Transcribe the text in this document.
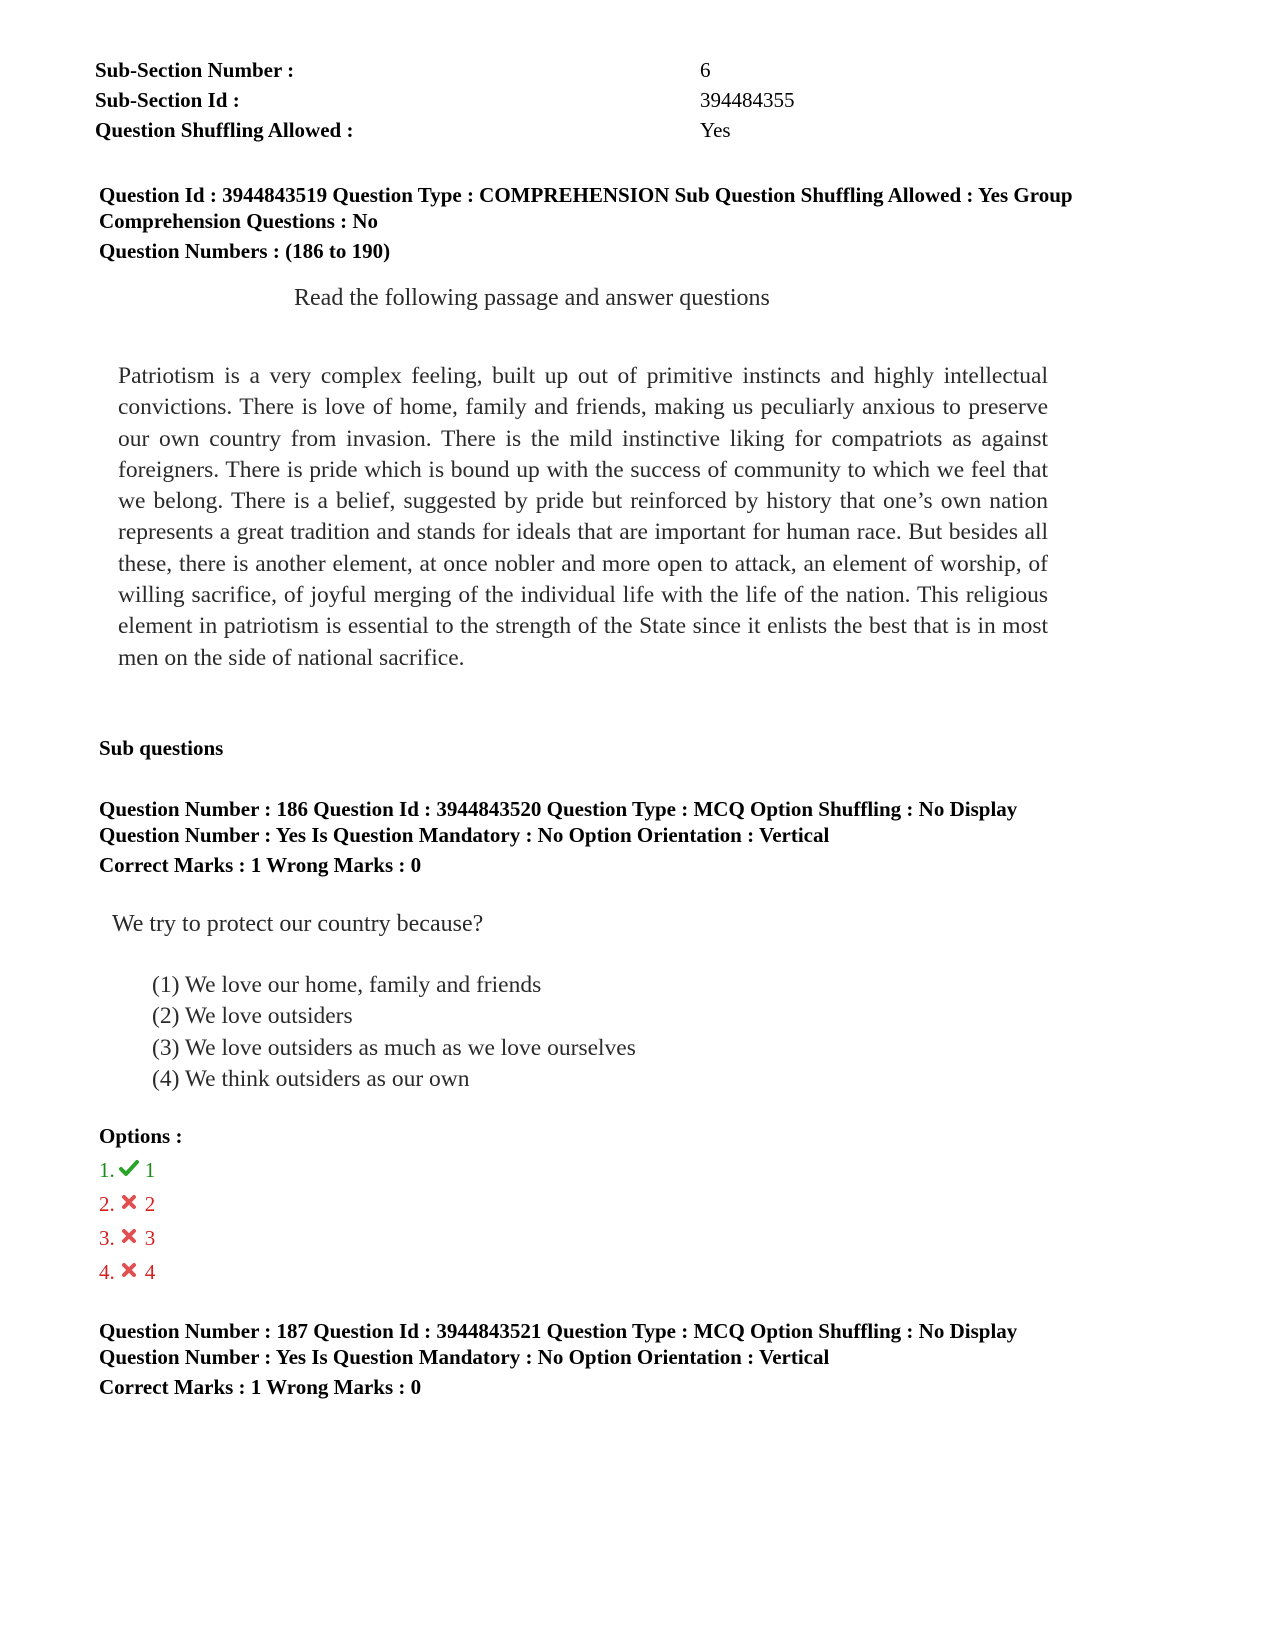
Sub-Section Number :	6
Sub-Section Id :	394484355
Question Shuffling Allowed :	Yes
Question Id : 3944843519 Question Type : COMPREHENSION Sub Question Shuffling Allowed : Yes Group
Comprehension Questions : No
Question Numbers : (186 to 190)
Read the following passage and answer questions
Patriotism is a very complex feeling, built up out of primitive instincts and highly intellectual convictions. There is love of home, family and friends, making us peculiarly anxious to preserve our own country from invasion. There is the mild instinctive liking for compatriots as against foreigners. There is pride which is bound up with the success of community to which we feel that we belong. There is a belief, suggested by pride but reinforced by history that one’s own nation represents a great tradition and stands for ideals that are important for human race. But besides all these, there is another element, at once nobler and more open to attack, an element of worship, of willing sacrifice, of joyful merging of the individual life with the life of the nation. This religious element in patriotism is essential to the strength of the State since it enlists the best that is in most men on the side of national sacrifice.
Sub questions
Question Number : 186 Question Id : 3944843520 Question Type : MCQ Option Shuffling : No Display
Question Number : Yes Is Question Mandatory : No Option Orientation : Vertical
Correct Marks : 1 Wrong Marks : 0
We try to protect our country because?
(1) We love our home, family and friends
(2) We love outsiders
(3) We love outsiders as much as we love ourselves
(4) We think outsiders as our own
Options :
1. 1
2. 2
3. 3
4. 4
Question Number : 187 Question Id : 3944843521 Question Type : MCQ Option Shuffling : No Display
Question Number : Yes Is Question Mandatory : No Option Orientation : Vertical
Correct Marks : 1 Wrong Marks : 0
